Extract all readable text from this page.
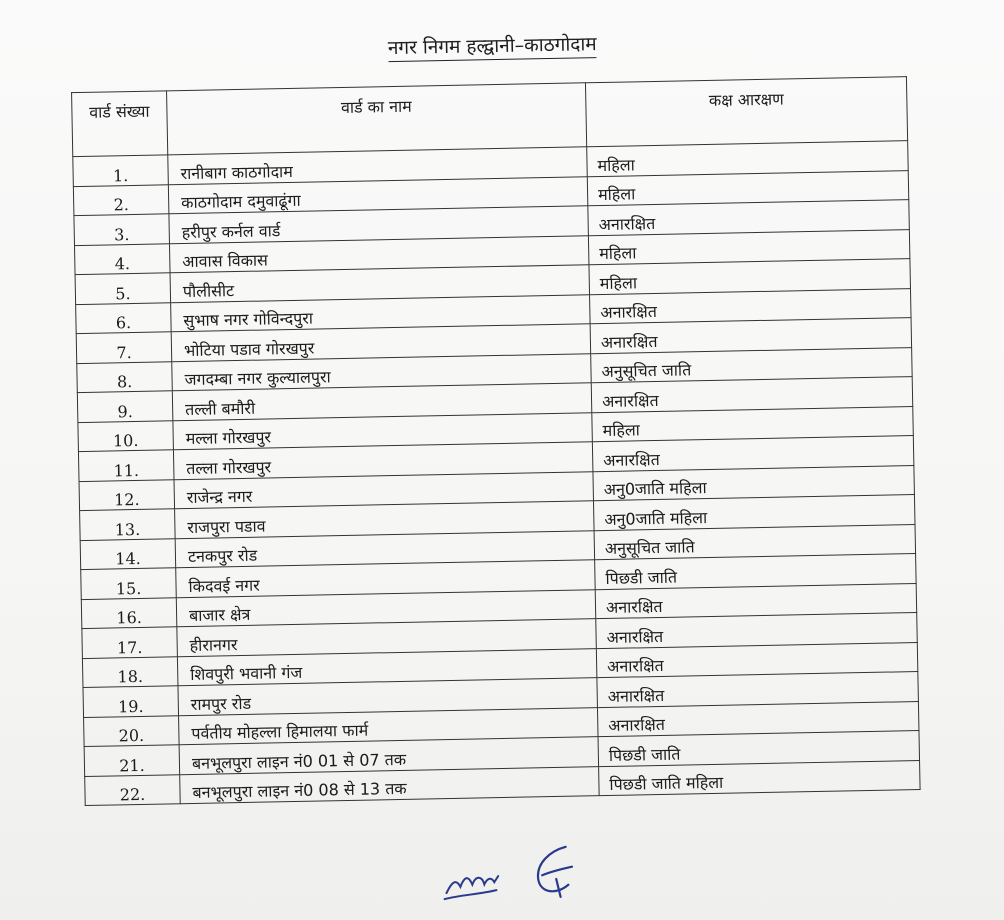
नगर निगम हल्द्वानी–काठगोदाम
वार्ड संख्या	वार्ड का नाम	कक्ष आरक्षण
1.	रानीबाग काठगोदाम	महिला
2.	काठगोदाम दमुवाढूंगा	महिला
3.	हरीपुर कर्नल वार्ड	अनारक्षित
4.	आवास विकास	महिला
5.	पौलीसीट	महिला
6.	सुभाष नगर गोविन्दपुरा	अनारक्षित
7.	भोटिया पडाव गोरखपुर	अनारक्षित
8.	जगदम्बा नगर कुल्यालपुरा	अनुसूचित जाति
9.	तल्ली बमौरी	अनारक्षित
10.	मल्ला गोरखपुर	महिला
11.	तल्ला गोरखपुर	अनारक्षित
12.	राजेन्द्र नगर	अनु0जाति महिला
13.	राजपुरा पडाव	अनु0जाति महिला
14.	टनकपुर रोड	अनुसूचित जाति
15.	किदवई नगर	पिछडी जाति
16.	बाजार क्षेत्र	अनारक्षित
17.	हीरानगर	अनारक्षित
18.	शिवपुरी भवानी गंज	अनारक्षित
19.	रामपुर रोड	अनारक्षित
20.	पर्वतीय मोहल्ला हिमालया फार्म	अनारक्षित
21.	बनभूलपुरा लाइन नं0 01 से 07 तक	पिछडी जाति
22.	बनभूलपुरा लाइन नं0 08 से 13 तक	पिछडी जाति महिला
